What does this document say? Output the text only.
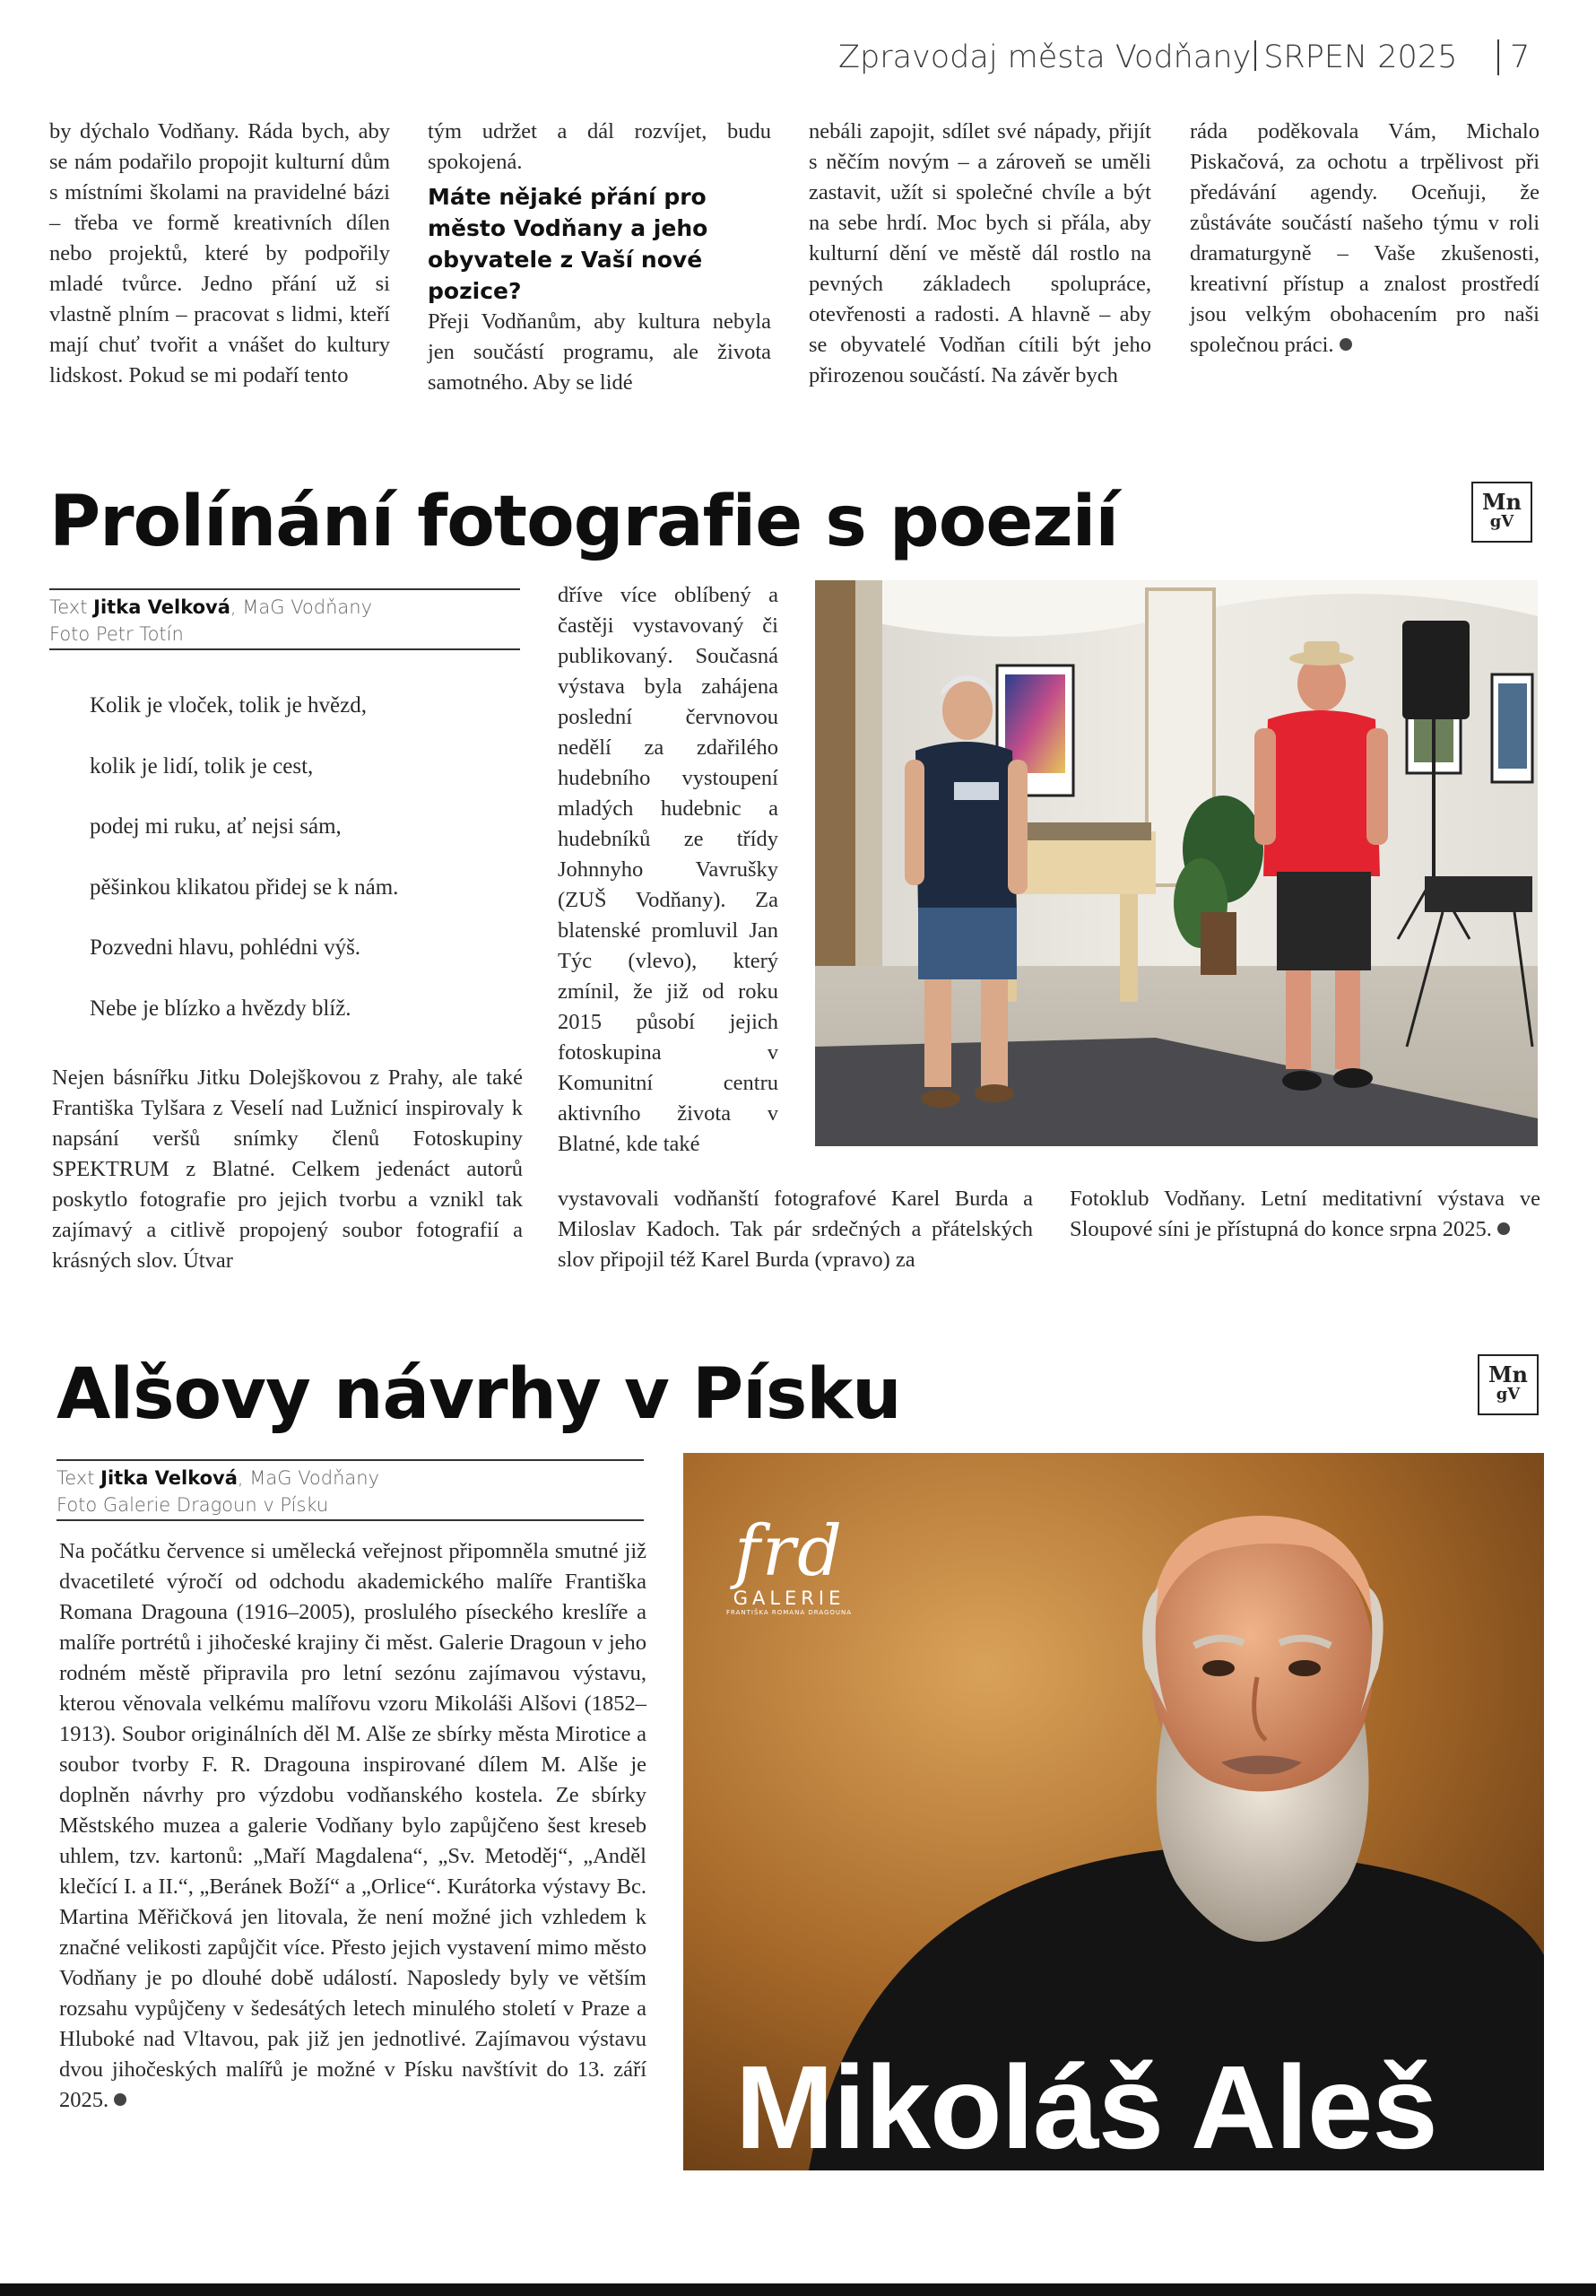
Zpravodaj města Vodňany SRPEN 2025	7

by dýchalo Vodňany. Ráda bych, aby se nám podařilo propojit kulturní dům s místními školami na pravidelné bázi – třeba ve formě kreativních dílen nebo projektů, které by podpořily mladé tvůrce. Jedno přání už si vlastně plním – pracovat s lidmi, kteří mají chuť tvořit a vnášet do kultury lidskost. Pokud se mi podaří tento

tým udržet a dál rozvíjet, budu spokojená.

Máte nějaké přání pro město Vodňany a jeho obyvatele z Vaší nové pozice?

Přeji Vodňanům, aby kultura nebyla jen součástí programu, ale života samotného. Aby se lidé

nebáli zapojit, sdílet své nápady, přijít s něčím novým – a zároveň se uměli zastavit, užít si společné chvíle a být na sebe hrdí. Moc bych si přála, aby kulturní dění ve městě dál rostlo na pevných základech spolupráce, otevřenosti a radosti. A hlavně – aby se obyvatelé Vodňan cítili být jeho přirozenou součástí. Na závěr bych

ráda poděkovala Vám, Michalo Piskačová, za ochotu a trpělivost při předávání agendy. Oceňuji, že zůstáváte součástí našeho týmu v roli dramaturgyně – Vaše zkušenosti, kreativní přístup a znalost prostředí jsou velkým obohacením pro naši společnou práci.

Prolínání fotografie s poezií	Mn
gV
Text Jitka Velková, MaG Vodňany
Foto Petr Totín
Kolik je vloček, tolik je hvězd,
kolik je lidí, tolik je cest,
podej mi ruku, ať nejsi sám,
pěšinkou klikatou přidej se k nám.
Pozvedni hlavu, pohlédni výš.
Nebe je blízko a hvězdy blíž.

Nejen básnířku Jitku Dolejškovou z Prahy, ale také Františka Tylšara z Veselí nad Lužnicí inspirovaly k napsání veršů snímky členů Fotoskupiny SPEKTRUM z Blatné. Celkem jedenáct autorů poskytlo fotografie pro jejich tvorbu a vznikl tak zajímavý a citlivě propojený soubor fotografií a krásných slov. Útvar

dříve více oblíbený a častěji vystavovaný či publikovaný. Současná výstava byla zahájena poslední červnovou nedělí za zdařilého hudebního vystoupení mladých hudebnic a hudebníků ze třídy Johnnyho Vavrušky (ZUŠ Vodňany). Za blatenské promluvil Jan Týc (vlevo), který zmínil, že již od roku 2015 působí jejich fotoskupina v Komunitní centru aktivního života v Blatné, kde také

vystavovali vodňanští fotografové Karel Burda a Miloslav Kadoch. Tak pár srdečných a přátelských slov připojil též Karel Burda (vpravo) za

Fotoklub Vodňany. Letní meditativní výstava ve Sloupové síni je přístupná do konce srpna 2025.

Alšovy návrhy v Písku	Mn
gV
Text Jitka Velková, MaG Vodňany
Foto Galerie Dragoun v Písku

Na počátku července si umělecká veřejnost připomněla smutné již dvacetileté výročí od odchodu akademického malíře Františka Romana Dragouna (1916–2005), proslulého píseckého kreslíře a malíře portrétů i jihočeské krajiny či měst. Galerie Dragoun v jeho rodném městě připravila pro letní sezónu zajímavou výstavu, kterou věnovala velkému malířovu vzoru Mikoláši Alšovi (1852–1913). Soubor originálních děl M. Alše ze sbírky města Mirotice a soubor tvorby F. R. Dragouna inspirované dílem M. Alše je doplněn návrhy pro výzdobu vodňanského kostela. Ze sbírky Městského muzea a galerie Vodňany bylo zapůjčeno šest kreseb uhlem, tzv. kartonů: „Maří Magdalena“, „Sv. Metoděj“, „Anděl klečící I. a II.“, „Beránek Boží“ a „Orlice“. Kurátorka výstavy Bc. Martina Měřičková jen litovala, že není možné jich vzhledem k značné velikosti zapůjčit více. Přesto jejich vystavení mimo město Vodňany je po dlouhé době událostí. Naposledy byly ve větším rozsahu vypůjčeny v šedesátých letech minulého století v Praze a Hluboké nad Vltavou, pak již jen jednotlivé. Zajímavou výstavu dvou jihočeských malířů je možné v Písku navštívit do 13. září 2025.

frd
GALERIE
FRANTIŠKA ROMANA DRAGOUNA
Mikoláš Aleš
